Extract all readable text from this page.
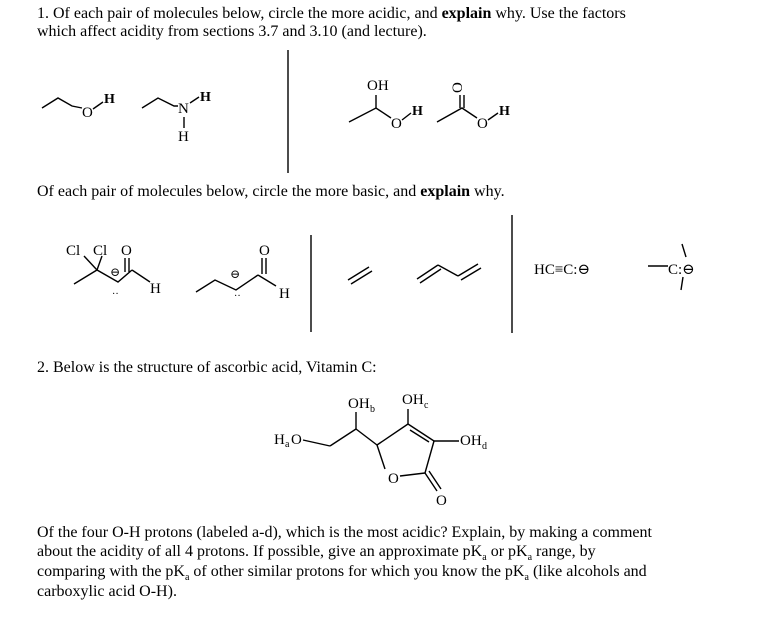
1. Of each pair of molecules below, circle the more acidic, and explain why. Use the factors
which affect acidity from sections 3.7 and 3.10 (and lecture).
Of each pair of molecules below, circle the more basic, and explain why.
2. Below is the structure of ascorbic acid, Vitamin C:
Of the four O-H protons (labeled a-d), which is the most acidic? Explain, by making a comment
about the acidity of all 4 protons. If possible, give an approximate $pK_a$ or $pK_a$ range, by
comparing with the $pK_a$ of other similar protons for which you know the $pK_a$ (like alcohols and
carboxylic acid O-H).
O
H
N
H
H
OH
O
H
O
O
H
Cl Cl O
H
⊖
··
O
H
⊖
··
HC≡C:⊖	C:⊖
H a O
OH b
OH c
OH d
O
O
